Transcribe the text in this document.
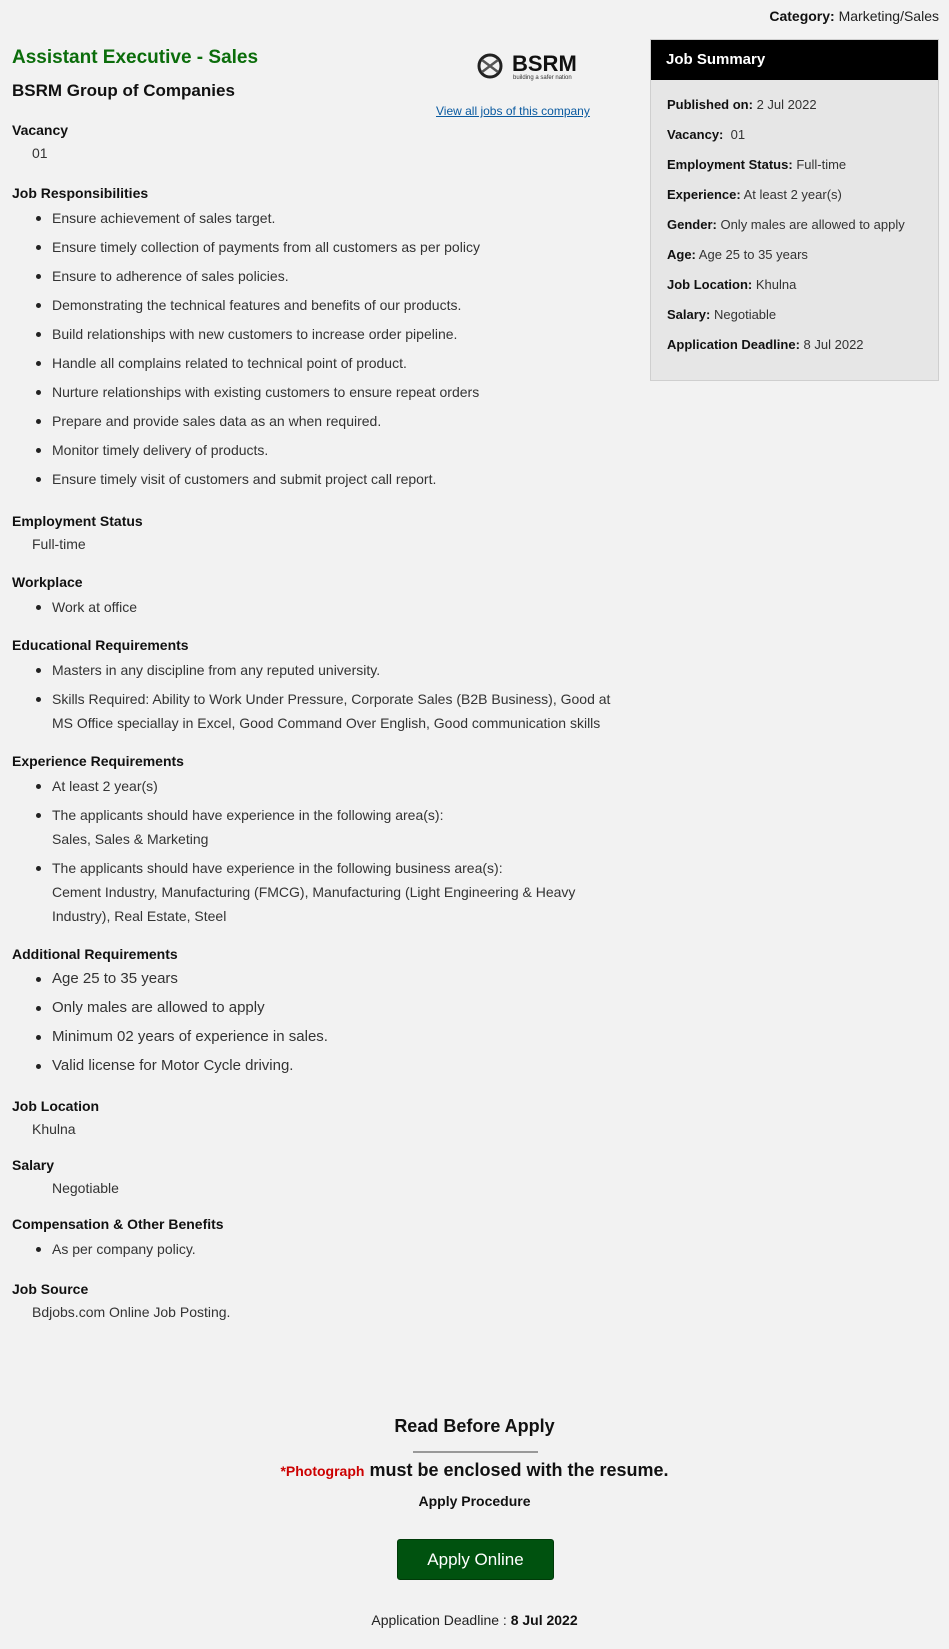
Category: Marketing/Sales
Assistant Executive - Sales
BSRM Group of Companies
BSRM
building a safer nation
View all jobs of this company
Vacancy
01
Job Responsibilities
Ensure achievement of sales target.
Ensure timely collection of payments from all customers as per policy
Ensure to adherence of sales policies.
Demonstrating the technical features and benefits of our products.
Build relationships with new customers to increase order pipeline.
Handle all complains related to technical point of product.
Nurture relationships with existing customers to ensure repeat orders
Prepare and provide sales data as an when required.
Monitor timely delivery of products.
Ensure timely visit of customers and submit project call report.
Employment Status
Full-time
Workplace
Work at office
Educational Requirements
Masters in any discipline from any reputed university.
Skills Required: Ability to Work Under Pressure, Corporate Sales (B2B Business), Good at MS Office speciallay in Excel, Good Command Over English, Good communication skills
Experience Requirements
At least 2 year(s)
The applicants should have experience in the following area(s):
Sales, Sales & Marketing
The applicants should have experience in the following business area(s):
Cement Industry, Manufacturing (FMCG), Manufacturing (Light Engineering & Heavy Industry), Real Estate, Steel
Additional Requirements
Age 25 to 35 years
Only males are allowed to apply
Minimum 02 years of experience in sales.
Valid license for Motor Cycle driving.
Job Location
Khulna
Salary
Negotiable
Compensation & Other Benefits
As per company policy.
Job Source
Bdjobs.com Online Job Posting.
Job Summary
Published on: 2 Jul 2022
Vacancy: 01
Employment Status: Full-time
Experience: At least 2 year(s)
Gender: Only males are allowed to apply
Age: Age 25 to 35 years
Job Location: Khulna
Salary: Negotiable
Application Deadline: 8 Jul 2022
Read Before Apply
*Photograph must be enclosed with the resume.
Apply Procedure
Apply Online
Application Deadline : 8 Jul 2022
